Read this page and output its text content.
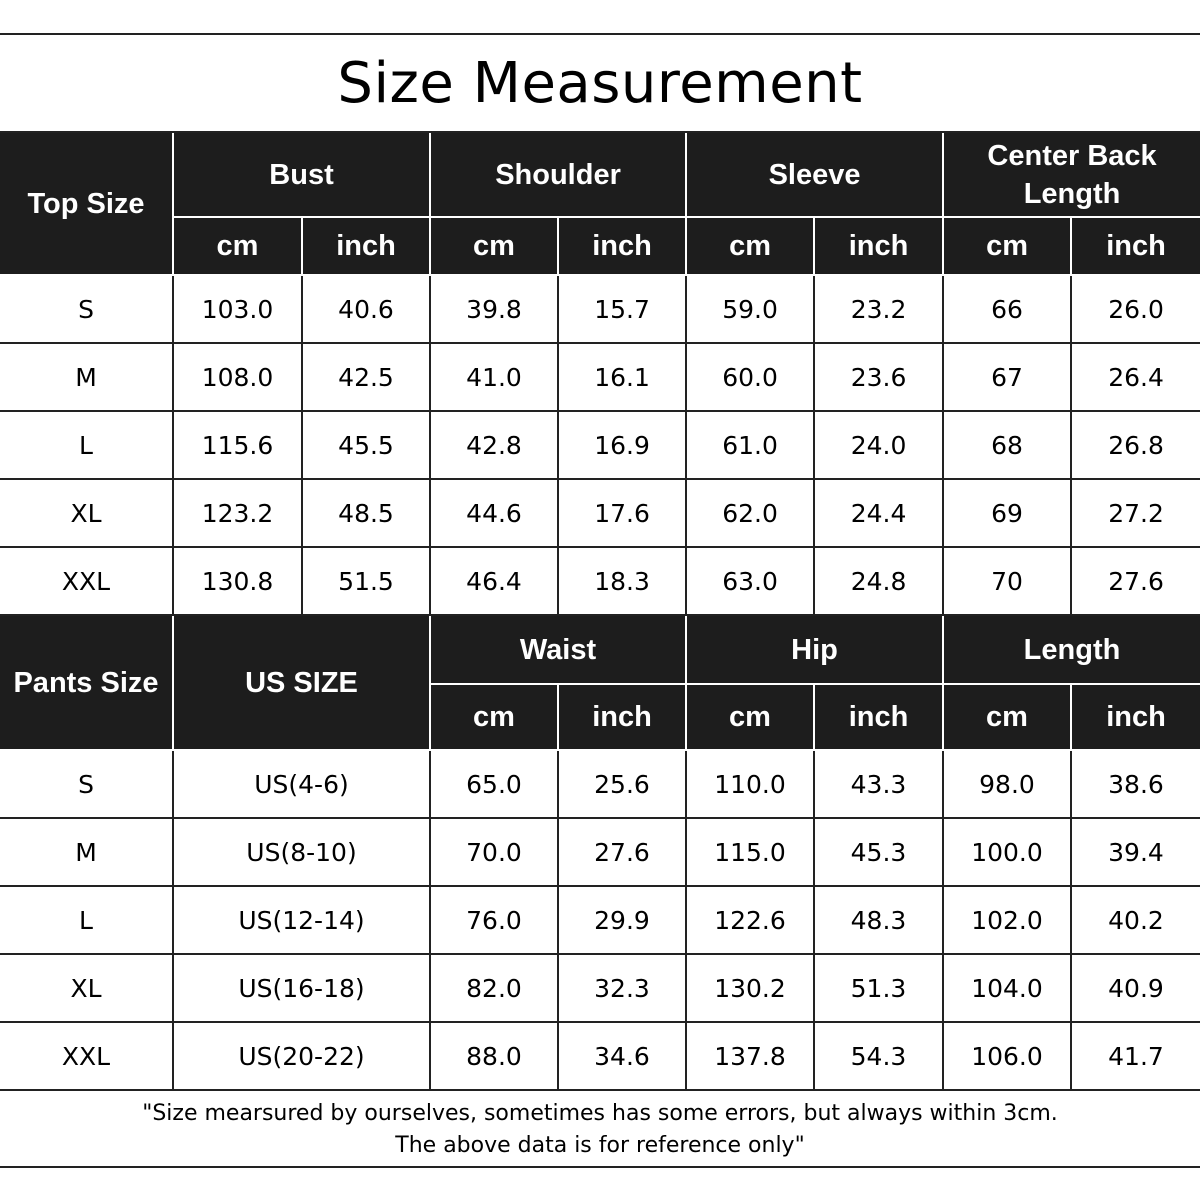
Size Measurement
Top Size	Bust		Shoulder		Sleeve		Center Back Length	
	cm	inch	cm	inch	cm	inch	cm	inch
S	103.0	40.6	39.8	15.7	59.0	23.2	66	26.0
M	108.0	42.5	41.0	16.1	60.0	23.6	67	26.4
L	115.6	45.5	42.8	16.9	61.0	24.0	68	26.8
XL	123.2	48.5	44.6	17.6	62.0	24.4	69	27.2
XXL	130.8	51.5	46.4	18.3	63.0	24.8	70	27.6
Pants Size	US SIZE	Waist		Hip		Length	
		cm	inch	cm	inch	cm	inch
S	US(4-6)	65.0	25.6	110.0	43.3	98.0	38.6
M	US(8-10)	70.0	27.6	115.0	45.3	100.0	39.4
L	US(12-14)	76.0	29.9	122.6	48.3	102.0	40.2
XL	US(16-18)	82.0	32.3	130.2	51.3	104.0	40.9
XXL	US(20-22)	88.0	34.6	137.8	54.3	106.0	41.7
"Size mearsured by ourselves, sometimes has some errors, but always within 3cm.
The above data is for reference only"
